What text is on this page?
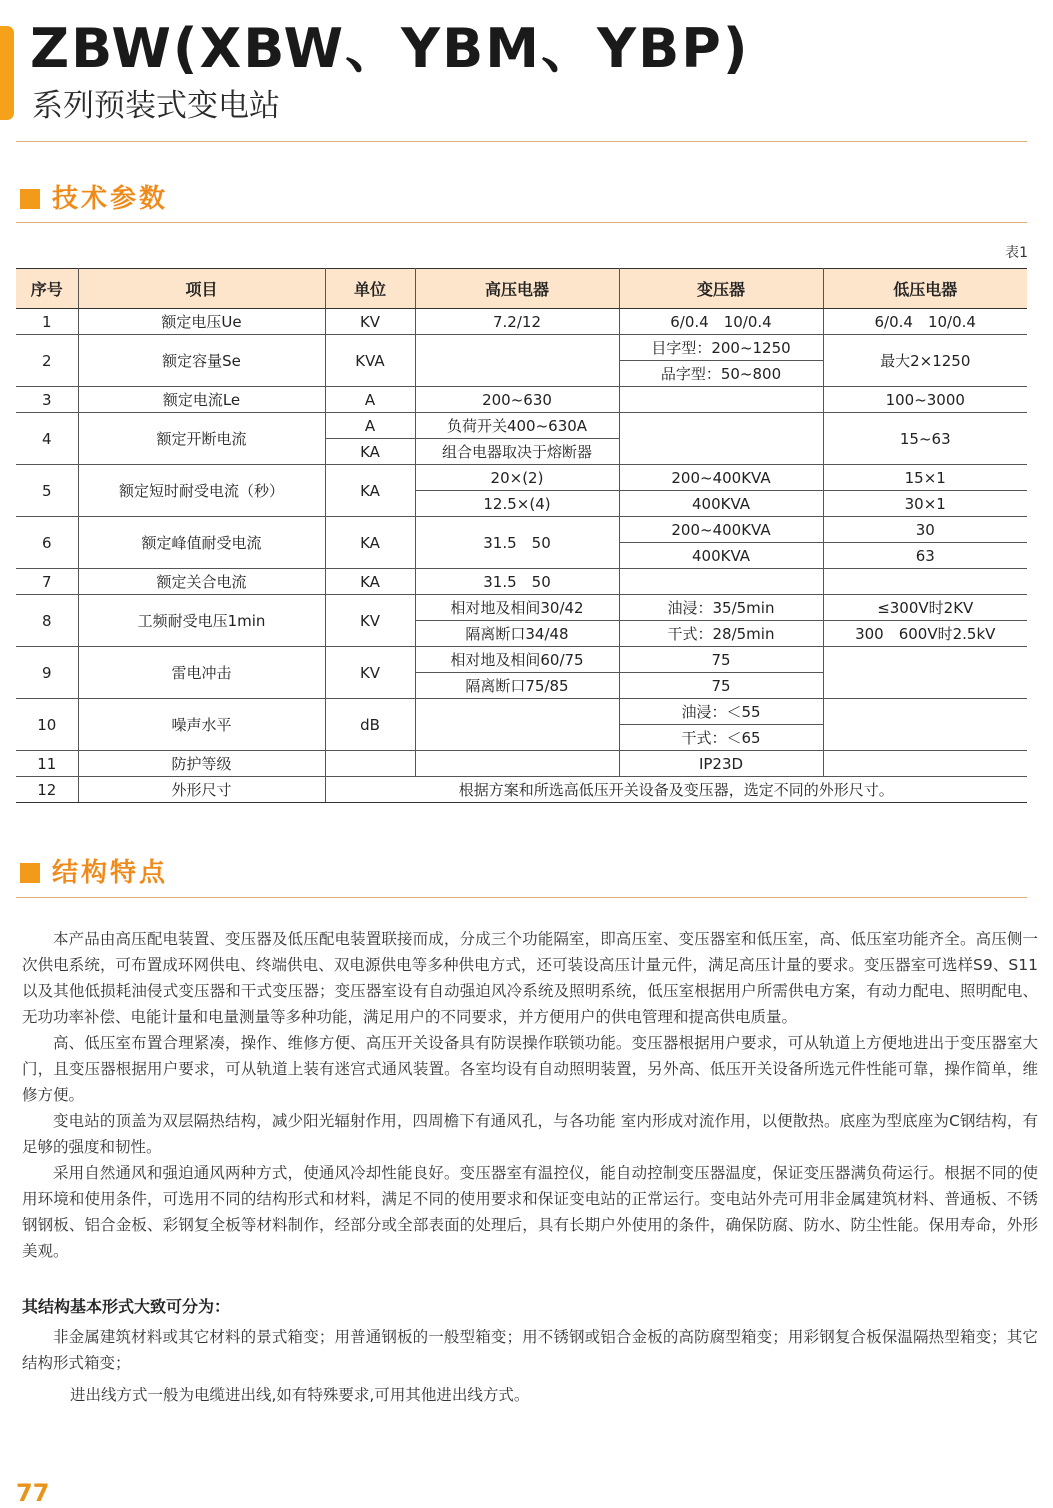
ZBW(XBW、YBM、YBP)
系列预装式变电站
技术参数
表1
序号	项目	单位	高压电器	变压器	低压电器
1	额定电压Ue	KV	7.2/12	6/0.4　10/0.4	6/0.4　10/0.4
2	额定容量Se	KVA		目字型：200~1250	最大2×1250
				品字型：50~800	
3	额定电流Le	A	200~630		100~3000
4	额定开断电流	A	负荷开关400~630A		15~63
		KA	组合电器取决于熔断器		
5	额定短时耐受电流（秒）	KA	20×(2)	200~400KVA	15×1
			12.5×(4)	400KVA	30×1
6	额定峰值耐受电流	KA	31.5　50	200~400KVA	30
				400KVA	63
7	额定关合电流	KA	31.5　50		
8	工频耐受电压1min	KV	相对地及相间30/42	油浸：35/5min	≤300V时2KV
			隔离断口34/48	干式：28/5min	300　600V时2.5kV
9	雷电冲击	KV	相对地及相间60/75	75	
			隔离断口75/85	75	
10	噪声水平	dB		油浸：＜55	
				干式：＜65	
11	防护等级			IP23D	
12	外形尺寸	根据方案和所选高低压开关设备及变压器，选定不同的外形尺寸。			
结构特点

本产品由高压配电装置、变压器及低压配电装置联接而成，分成三个功能隔室，即高压室、变压器室和低压室，高、低压室功能齐全。高压侧一次供电系统，可布置成环网供电、终端供电、双电源供电等多种供电方式，还可装设高压计量元件，满足高压计量的要求。变压器室可选样S9、S11以及其他低损耗油侵式变压器和干式变压器；变压器室设有自动强迫风冷系统及照明系统，低压室根据用户所需供电方案，有动力配电、照明配电、无功功率补偿、电能计量和电量测量等多种功能，满足用户的不同要求，并方便用户的供电管理和提高供电质量。

高、低压室布置合理紧凑，操作、维修方便、高压开关设备具有防误操作联锁功能。变压器根据用户要求，可从轨道上方便地进出于变压器室大门，且变压器根据用户要求，可从轨道上装有迷宫式通风装置。各室均设有自动照明装置，另外高、低压开关设备所选元件性能可靠，操作简单，维修方便。

变电站的顶盖为双层隔热结构，减少阳光辐射作用，四周檐下有通风孔，与各功能 室内形成对流作用，以便散热。底座为型底座为C钢结构，有足够的强度和韧性。

采用自然通风和强迫通风两种方式，使通风冷却性能良好。变压器室有温控仪，能自动控制变压器温度，保证变压器满负荷运行。根据不同的使用环境和使用条件，可选用不同的结构形式和材料，满足不同的使用要求和保证变电站的正常运行。变电站外壳可用非金属建筑材料、普通板、不锈钢钢板、铝合金板、彩钢复全板等材料制作，经部分或全部表面的处理后，具有长期户外使用的条件，确保防腐、防水、防尘性能。保用寿命，外形美观。

其结构基本形式大致可分为：

非金属建筑材料或其它材料的景式箱变；用普通钢板的一般型箱变；用不锈钢或铝合金板的高防腐型箱变；用彩钢复合板保温隔热型箱变；其它结构形式箱变；

进出线方式一般为电缆进出线,如有特殊要求,可用其他进出线方式。

77
